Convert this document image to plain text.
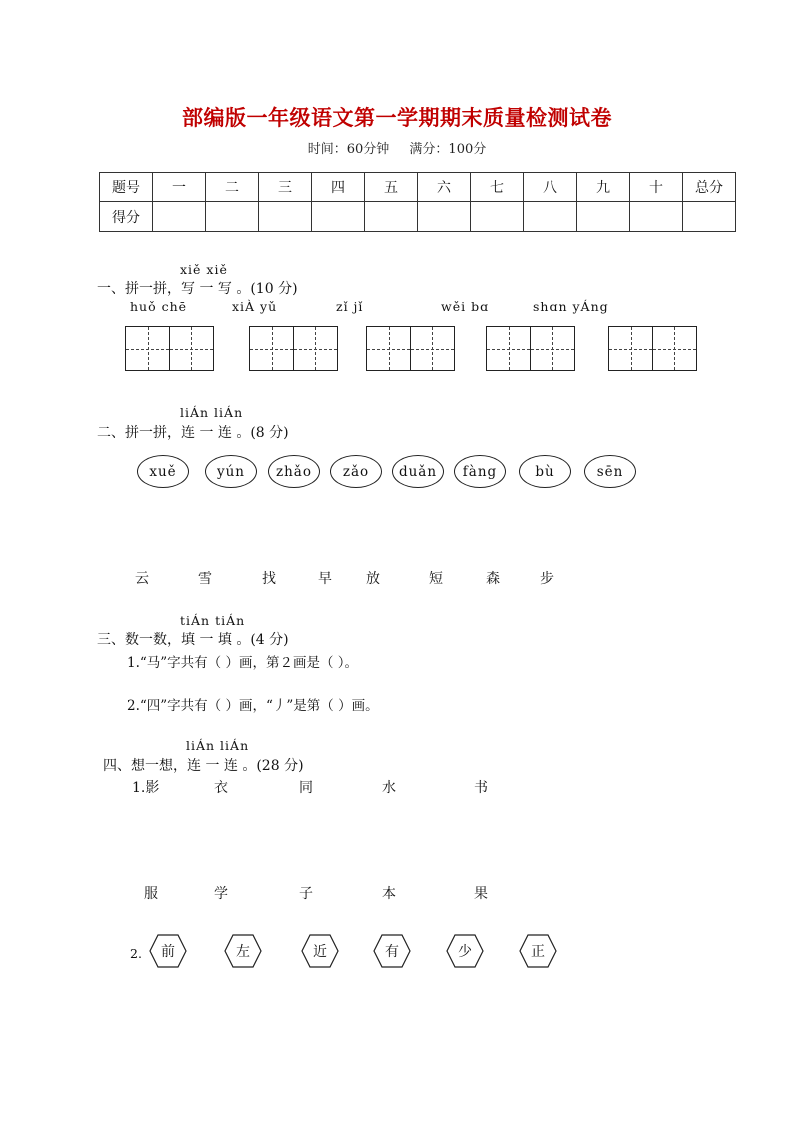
部编版一年级语文第一学期期末质量检测试卷
时间：60分钟 满分：100分
题号	一	二	三	四	五	六	七	八	九	十	总分
得分											
xiě xiě
一、拼一拼，写 一 写 。(10 分)
huǒ chē	xiÀ yǔ	zǐ jǐ	wěi bɑ	shɑn yÁng
liÁn liÁn
二、拼一拼，连 一 连 。(8 分)
xuě	yún	zhǎo	zǎo	duǎn	fàng	bù	sēn
云	雪	找	早 放	短	森	步
tiÁn tiÁn
三、数一数，填 一 填 。(4 分)
1.“马”字共有（ ）画，第２画是（ ）。
2.“四”字共有（ ）画，“丿”是第（ ）画。
liÁn liÁn
四、想一想，连 一 连 。(28 分)
1.影	衣	同	水	书
服	学	子	本	果
2.	前	左	近	有	少	正
